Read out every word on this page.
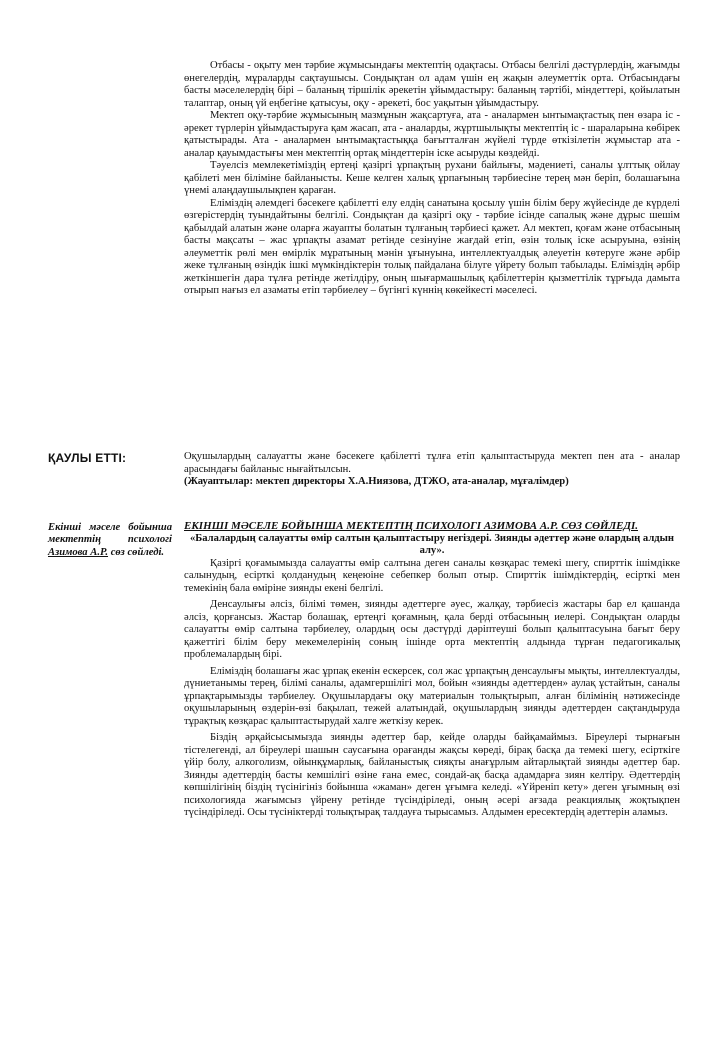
Отбасы - оқыту мен тәрбие жұмысындағы мектептің одақтасы. Отбасы белгілі дәстүрлердің, жағымды өнегелердің, мұраларды сақтаушысы. Сондықтан ол адам үшін ең жақын әлеуметтік орта. Отбасындағы басты мәселелердің бірі – баланың тіршілік әрекетін ұйымдастыру: баланың тәртібі, міндеттері, қойылатын талаптар, оның үй еңбегіне қатысуы, оқу - әрекеті, бос уақытын ұйымдастыру.

Мектеп оқу-тәрбие жұмысының мазмұнын жақсартуға, ата - аналармен ынтымақтастық пен өзара іс - әрекет түрлерін ұйымдастыруға қам жасап, ата - аналарды, жұртшылықты мектептің іс - шараларына көбірек қатыстырады. Ата - аналармен ынтымақтастыққа бағытталған жүйелі түрде өткізілетін жұмыстар ата - аналар қауымдастығы мен мектептің ортақ міндеттерін іске асыруды көздейді.

Тәуелсіз мемлекетіміздің ертеңі қазіргі ұрпақтың рухани байлығы, мәдениеті, саналы ұлттық ойлау қабілеті мен біліміне байланысты. Кеше келген халық ұрпағының тәрбиесіне терең мән беріп, болашағына үнемі алаңдаушылықпен қараған.

Еліміздің әлемдегі бәсекеге қабілетті елу елдің санатына қосылу үшін білім беру жүйесінде де күрделі өзгерістердің туындайтыны белгілі. Сондықтан да қазіргі оқу - тәрбие ісінде сапалық және дұрыс шешім қабылдай алатын және оларға жауапты болатын тұлғаның тәрбиесі қажет. Ал мектеп, қоғам және отбасының басты мақсаты – жас ұрпақты азамат ретінде сезінуіне жағдай етіп, өзін толық іске асыруына, өзінің әлеуметтік рөлі мен өмірлік мұратының мәнін ұғынуына, интеллектуалдық әлеуетін көтеруге және әрбір жеке тұлғаның өзіндік ішкі мүмкіндіктерін толық пайдалана білуге үйрету болып табылады. Еліміздің әрбір жеткіншегін дара тұлға ретінде жетілдіру, оның шығармашылық қабілеттерін қызметтілік тұрғыда дамыта отырып нағыз ел азаматы етіп тәрбиелеу – бүгінгі күннің көкейкесті мәселесі.

ҚАУЛЫ ЕТТІ:	Оқушылардың салауатты және бәсекеге қабілетті тұлға етіп қалыптастыруда мектеп пен ата - аналар арасындағы байланыс нығайтылсын.

(Жауаптылар: мектеп директоры Х.А.Ниязова, ДТЖО, ата-аналар, мұғалімдер)

Екінші мәселе бойынша мектептің психологі Азимова А.Р. сөз сөйледі.

ЕКІНШІ МӘСЕЛЕ БОЙЫНША МЕКТЕПТІҢ ПСИХОЛОГІ АЗИМОВА А.Р. СӨЗ СӨЙЛЕДІ.

«Балалардың салауатты өмір салтын қалыптастыру негіздері. Зиянды әдеттер және олардың алдын алу».

Қазіргі қоғамымызда салауатты өмір салтына деген саналы көзқарас темекі шегу, спирттік ішімдікке салынудың, есірткі қолданудың кеңеюіне себепкер болып отыр. Спирттік ішімдіктердің, есірткі мен темекінің бала өміріне зиянды екені белгілі.

Денсаулығы әлсіз, білімі төмен, зиянды әдеттерге әуес, жалқау, тәрбиесіз жастары бар ел қашанда әлсіз, қорғансыз. Жастар болашақ, ертеңгі қоғамның, қала берді отбасының иелері. Сондықтан оларды салауатты өмір салтына тәрбиелеу, олардың осы дәстүрді дәріптеуші болып қалыптасуына бағыт беру қажеттігі білім беру мекемелерінің соның ішінде орта мектептің алдында тұрған педагогикалық проблемалардың бірі.

Еліміздің болашағы жас ұрпақ екенін ескерсек, сол жас ұрпақтың денсаулығы мықты, интеллектуалды, дүниетанымы терең, білімі саналы, адамгершілігі мол, бойын «зиянды әдеттерден» аулақ ұстайтын, саналы ұрпақтарымызды тәрбиелеу. Оқушылардағы оқу материалын толықтырып, алған білімінің нәтижесінде оқушыларының өздерін-өзі бақылап, тежей алатындай, оқушылардың зиянды әдеттерден сақтандыруда тұрақтық көзқарас қалыптастырудай халге жеткізу керек.

Біздің әрқайсысымызда зиянды әдеттер бар, кейде оларды байқамаймыз. Біреулері тырнағын тістелегенді, ал біреулері шашын саусағына орағанды жақсы көреді, бірақ басқа да темекі шегу, есірткіге үйір болу, алкоголизм, ойынқұмарлық, байланыстық сияқты анағұрлым айтарлықтай зиянды әдеттер бар. Зиянды әдеттердің басты кемшілігі өзіне ғана емес, сондай-ақ басқа адамдарға зиян келтіру. Әдеттердің көпшілігінің біздің түсінігініз бойынша «жаман» деген ұғымға келеді. «Үйреніп кету» деген ұғымның өзі психологияда жағымсыз үйрену ретінде түсіндіріледі, оның әсері ағзада реакциялық жоқтықпен түсіндіріледі. Осы түсініктерді толықтырақ талдауға тырысамыз. Алдымен ересектердің әдеттерін аламыз.
